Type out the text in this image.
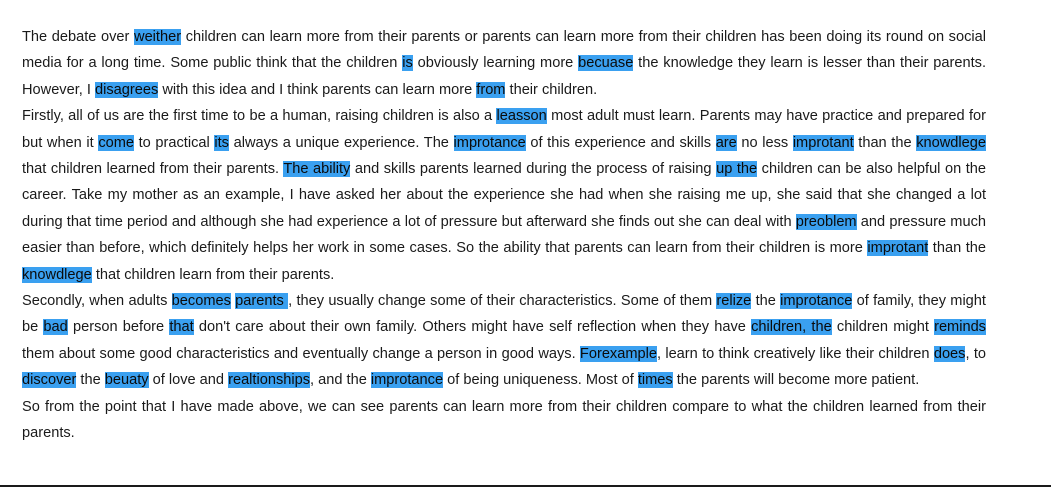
The debate over weither children can learn more from their parents or parents can learn more from their children has been doing its round on social media for a long time. Some public think that the children is obviously learning more becuase the knowledge they learn is lesser than their parents. However, I disagrees with this idea and I think parents can learn more from their children.

Firstly, all of us are the first time to be a human, raising children is also a leasson most adult must learn. Parents may have practice and prepared for but when it come to practical its always a unique experience. The improtance of this experience and skills are no less improtant than the knowdlege that children learned from their parents. The ability and skills parents learned during the process of raising up the children can be also helpful on the career. Take my mother as an example, I have asked her about the experience she had when she raising me up, she said that she changed a lot during that time period and although she had experience a lot of pressure but afterward she finds out she can deal with preoblem and pressure much easier than before, which definitely helps her work in some cases. So the ability that parents can learn from their children is more improtant than the knowdlege that children learn from their parents.

Secondly, when adults becomes parents , they usually change some of their characteristics. Some of them relize the improtance of family, they might be bad person before that don't care about their own family. Others might have self reflection when they have children, the children might reminds them about some good characteristics and eventually change a person in good ways. Forexample, learn to think creatively like their children does, to discover the beuaty of love and realtionships, and the improtance of being uniqueness. Most of times the parents will become more patient.

So from the point that I have made above, we can see parents can learn more from their children compare to what the children learned from their parents.
